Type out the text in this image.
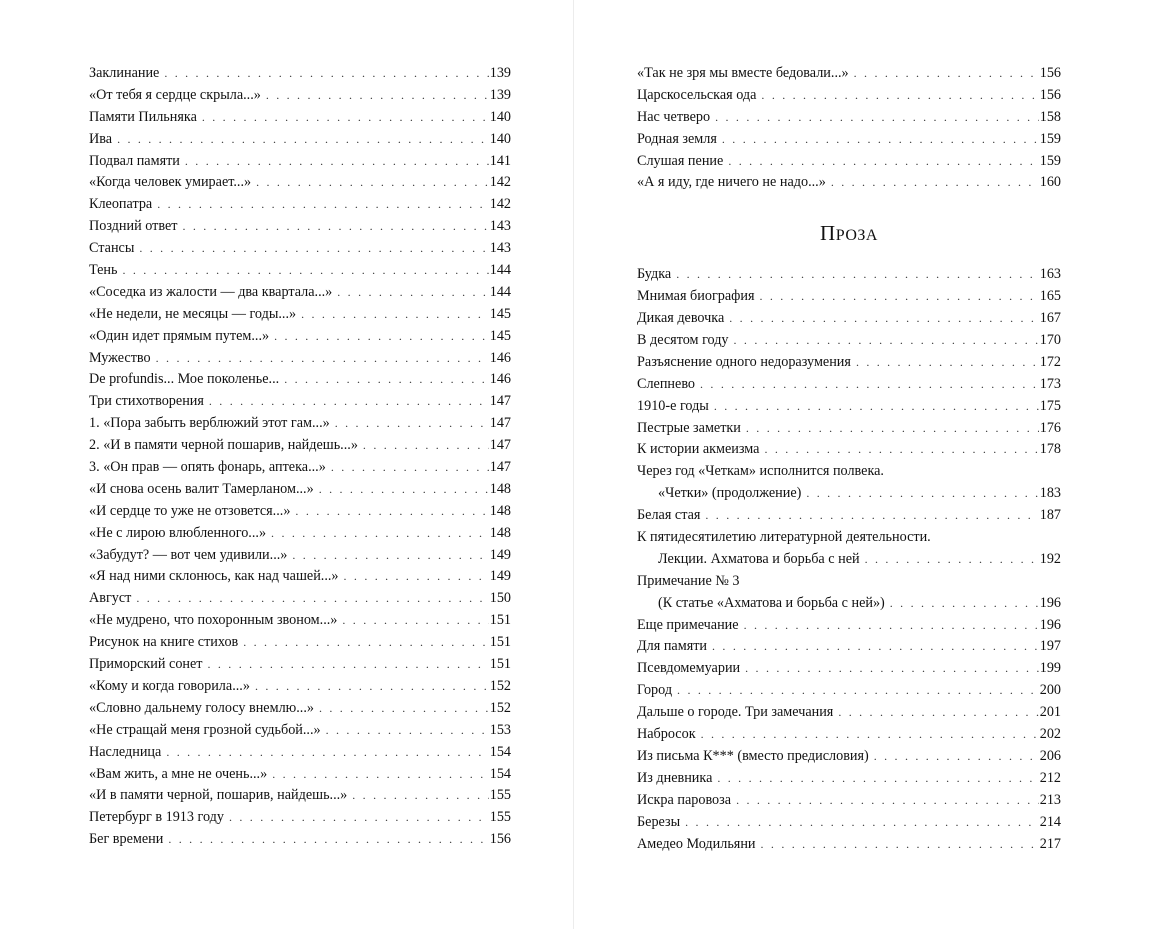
Заклинание . . .	139
«От тебя я сердце скрыла...» . . .	139
Памяти Пильняка . . .	140
Ива . . .	140
Подвал памяти . . .	141
«Когда человек умирает...» . . .	142
Клеопатра . . .	142
Поздний ответ . . .	143
Стансы . . .	143
Тень . . .	144
«Соседка из жалости — два квартала...» . . .	144
«Не недели, не месяцы — годы...» . . .	145
«Один идет прямым путем...» . . .	145
Мужество . . .	146
De profundis... Мое поколенье... . . .	146
Три стихотворения . . .	147
1. «Пора забыть верблюжий этот гам...» . . .	147
2. «И в памяти черной пошарив, найдешь...» . . .	147
3. «Он прав — опять фонарь, аптека...» . . .	147
«И снова осень валит Тамерланом...» . . .	148
«И сердце то уже не отзовется...» . . .	148
«Не с лирою влюбленного...» . . .	148
«Забудут? — вот чем удивили...» . . .	149
«Я над ними склонюсь, как над чашей...» . . .	149
Август . . .	150
«Не мудрено, что похоронным звоном...» . . .	151
Рисунок на книге стихов . . .	151
Приморский сонет . . .	151
«Кому и когда говорила...» . . .	152
«Словно дальнему голосу внемлю...» . . .	152
«Не стращай меня грозной судьбой...» . . .	153
Наследница . . .	154
«Вам жить, а мне не очень...» . . .	154
«И в памяти черной, пошарив, найдешь...» . . .	155
Петербург в 1913 году . . .	155
Бег времени . . .	156
«Так не зря мы вместе бедовали...» . . .	156
Царскосельская ода . . .	156
Нас четверо . . .	158
Родная земля . . .	159
Слушая пение . . .	159
«А я иду, где ничего не надо...» . . .	160
ПРОЗА
Будка . . .	163
Мнимая биография . . .	165
Дикая девочка . . .	167
В десятом году . . .	170
Разъяснение одного недоразумения . . .	172
Слепнево . . .	173
1910-е годы . . .	175
Пестрые заметки . . .	176
К истории акмеизма . . .	178
Через год «Четкам» исполнится полвека.
«Четки» (продолжение) . . .	183
Белая стая . . .	187
К пятидесятилетию литературной деятельности.
Лекции. Ахматова и борьба с ней . . .	192
Примечание № 3
(К статье «Ахматова и борьба с ней») . . .	196
Еще примечание . . .	196
Для памяти . . .	197
Псевдомемуарии . . .	199
Город . . .	200
Дальше о городе. Три замечания . . .	201
Набросок . . .	202
Из письма К*** (вместо предисловия) . . .	206
Из дневника . . .	212
Искра паровоза . . .	213
Березы . . .	214
Амедео Модильяни . . .	217
